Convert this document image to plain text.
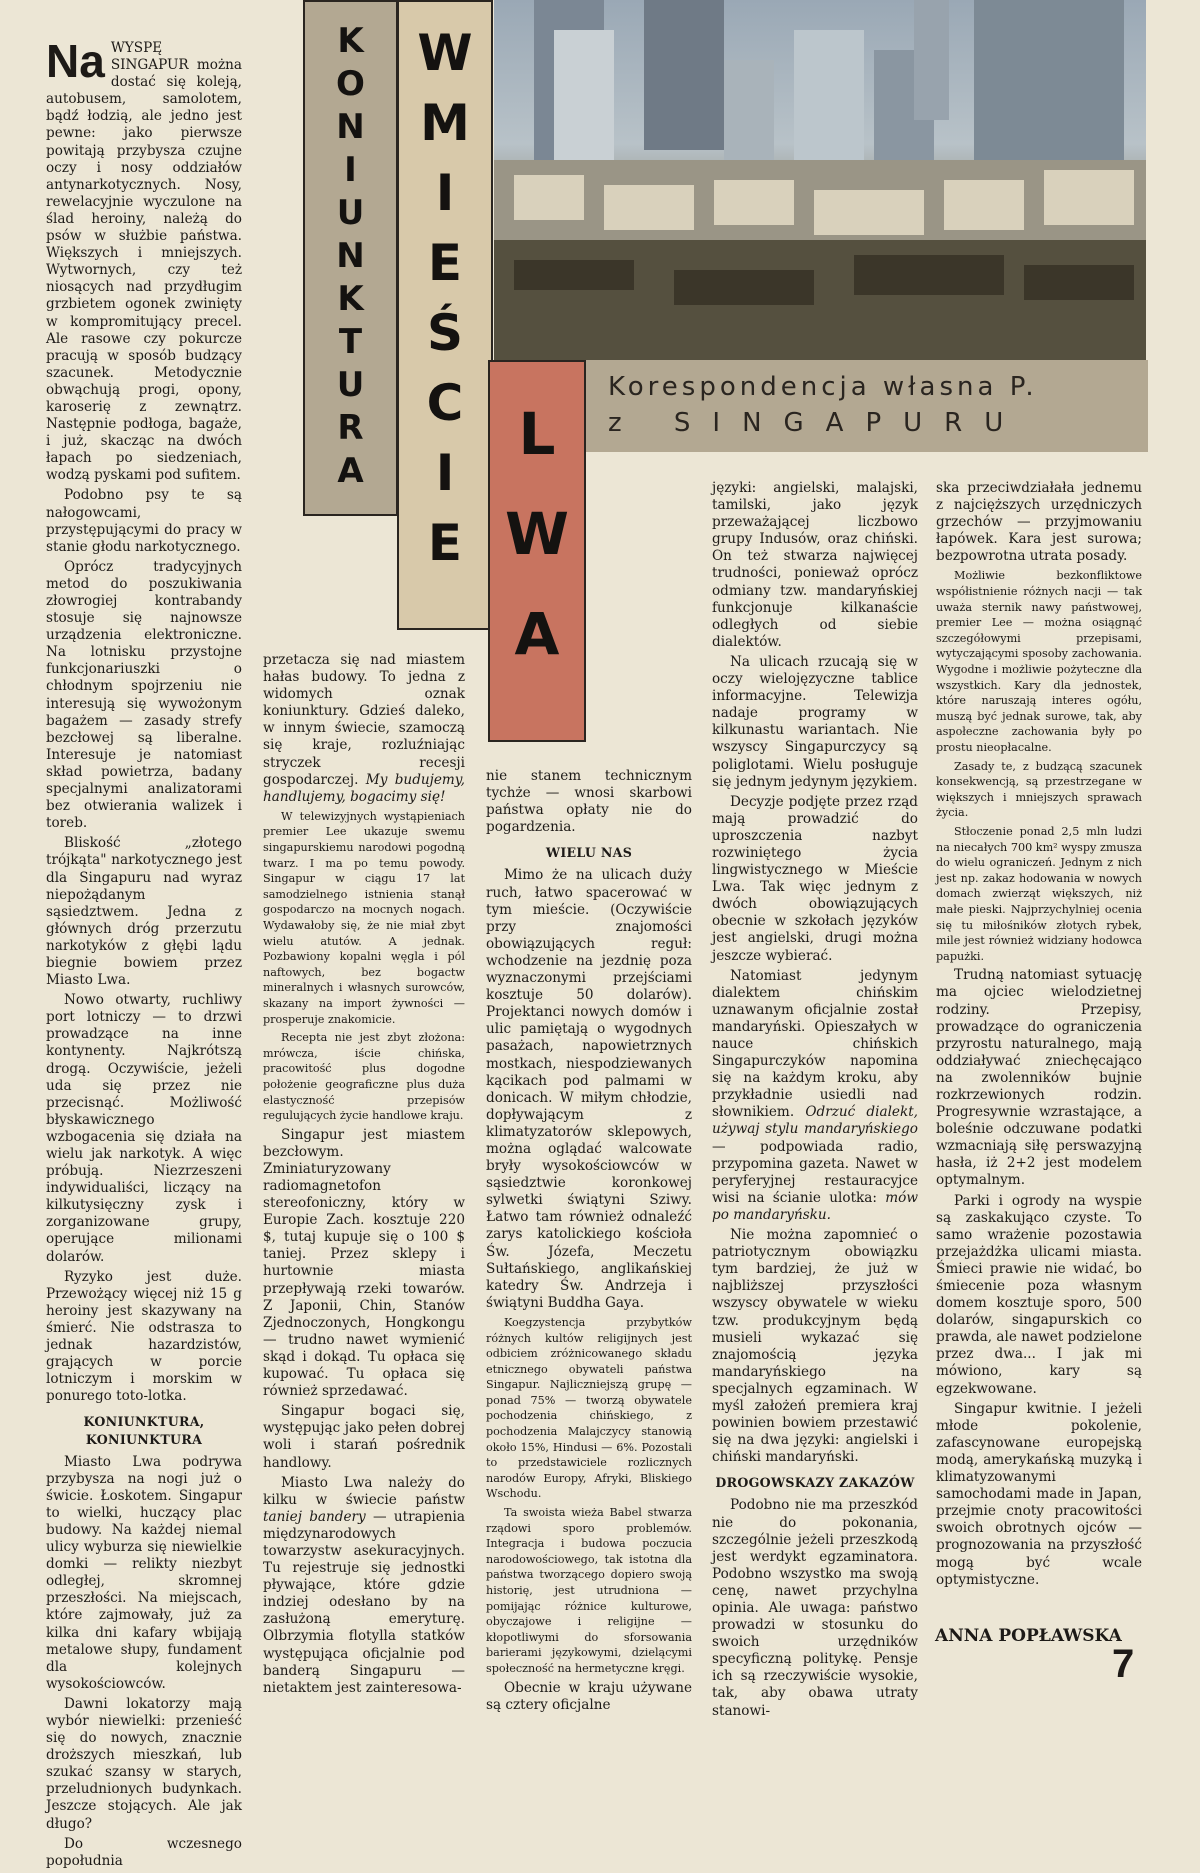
K
O
N
I
U
N
K
T
U
R
A
W
M
I
E
Ś
C
I
E
L
W
A
Korespondencja własna P.
z SINGAPURU

Na WYSPĘ SINGAPUR można dostać się koleją, autobusem, samolotem, bądź łodzią, ale jedno jest pewne: jako pierwsze powitają przybysza czujne oczy i nosy oddziałów antynarkotycznych. Nosy, rewelacyjnie wyczulone na ślad heroiny, należą do psów w służbie państwa. Większych i mniejszych. Wytwornych, czy też niosących nad przydługim grzbietem ogonek zwinięty w kompromitujący precel. Ale rasowe czy pokurcze pracują w sposób budzący szacunek. Metodycznie obwąchują progi, opony, karoserię z zewnątrz. Następnie podłoga, bagaże, i już, skacząc na dwóch łapach po siedzeniach, wodzą pyskami pod sufitem.

Podobno psy te są nałogowcami, przystępującymi do pracy w stanie głodu narkotycznego.

Oprócz tradycyjnych metod do poszukiwania złowrogiej kontrabandy stosuje się najnowsze urządzenia elektroniczne. Na lotnisku przystojne funkcjonariuszki o chłodnym spojrzeniu nie interesują się wywożonym bagażem — zasady strefy bezcłowej są liberalne. Interesuje je natomiast skład powietrza, badany specjalnymi analizatorami bez otwierania walizek i toreb.

Bliskość „złotego trójkąta" narkotycznego jest dla Singapuru nad wyraz niepożądanym sąsiedztwem. Jedna z głównych dróg przerzutu narkotyków z głębi lądu biegnie bowiem przez Miasto Lwa.

Nowo otwarty, ruchliwy port lotniczy — to drzwi prowadzące na inne kontynenty. Najkrótszą drogą. Oczywiście, jeżeli uda się przez nie przecisnąć. Możliwość błyskawicznego wzbogacenia się działa na wielu jak narkotyk. A więc próbują. Niezrzeszeni indywidualiści, liczący na kilkutysięczny zysk i zorganizowane grupy, operujące milionami dolarów.

Ryzyko jest duże. Przewożący więcej niż 15 g heroiny jest skazywany na śmierć. Nie odstrasza to jednak hazardzistów, grających w porcie lotniczym i morskim w ponurego toto-lotka.

KONIUNKTURA, KONIUNKTURA

Miasto Lwa podrywa przybysza na nogi już o świcie. Łoskotem. Singapur to wielki, huczący plac budowy. Na każdej niemal ulicy wyburza się niewielkie domki — relikty niezbyt odległej, skromnej przeszłości. Na miejscach, które zajmowały, już za kilka dni kafary wbijają metalowe słupy, fundament dla kolejnych wysokościowców.

Dawni lokatorzy mają wybór niewielki: przenieść się do nowych, znacznie droższych mieszkań, lub szukać szansy w starych, przeludnionych budynkach. Jeszcze stojących. Ale jak długo?

Do wczesnego popołudnia

przetacza się nad miastem hałas budowy. To jedna z widomych oznak koniunktury. Gdzieś daleko, w innym świecie, szamoczą się kraje, rozluźniając stryczek recesji gospodarczej. My budujemy, handlujemy, bogacimy się!

W telewizyjnych wystąpieniach premier Lee ukazuje swemu singapurskiemu narodowi pogodną twarz. I ma po temu powody. Singapur w ciągu 17 lat samodzielnego istnienia stanął gospodarczo na mocnych nogach. Wydawałoby się, że nie miał zbyt wielu atutów. A jednak. Pozbawiony kopalni węgla i pól naftowych, bez bogactw mineralnych i własnych surowców, skazany na import żywności — prosperuje znakomicie.

Recepta nie jest zbyt złożona: mrówcza, iście chińska, pracowitość plus dogodne położenie geograficzne plus duża elastyczność przepisów regulujących życie handlowe kraju.

Singapur jest miastem bezcłowym. Zminiaturyzowany radiomagnetofon stereofoniczny, który w Europie Zach. kosztuje 220 $, tutaj kupuje się o 100 $ taniej. Przez sklepy i hurtownie miasta przepływają rzeki towarów. Z Japonii, Chin, Stanów Zjednoczonych, Hongkongu — trudno nawet wymienić skąd i dokąd. Tu opłaca się kupować. Tu opłaca się również sprzedawać.

Singapur bogaci się, występując jako pełen dobrej woli i starań pośrednik handlowy.

Miasto Lwa należy do kilku w świecie państw taniej bandery — utrapienia międzynarodowych towarzystw asekuracyjnych. Tu rejestruje się jednostki pływające, które gdzie indziej odesłano by na zasłużoną emeryturę. Olbrzymia flotylla statków występująca oficjalnie pod banderą Singapuru — nietaktem jest zainteresowa-

nie stanem technicznym tychże — wnosi skarbowi państwa opłaty nie do pogardzenia.

WIELU NAS

Mimo że na ulicach duży ruch, łatwo spacerować w tym mieście. (Oczywiście przy znajomości obowiązujących reguł: wchodzenie na jezdnię poza wyznaczonymi przejściami kosztuje 50 dolarów). Projektanci nowych domów i ulic pamiętają o wygodnych pasażach, napowietrznych mostkach, niespodziewanych kącikach pod palmami w donicach. W miłym chłodzie, dopływającym z klimatyzatorów sklepowych, można oglądać walcowate bryły wysokościowców w sąsiedztwie koronkowej sylwetki świątyni Sziwy. Łatwo tam również odnaleźć zarys katolickiego kościoła Św. Józefa, Meczetu Sułtańskiego, anglikańskiej katedry Św. Andrzeja i świątyni Buddha Gaya.

Koegzystencja przybytków różnych kultów religijnych jest odbiciem zróżnicowanego składu etnicznego obywateli państwa Singapur. Najliczniejszą grupę — ponad 75% — tworzą obywatele pochodzenia chińskiego, z pochodzenia Malajczycy stanowią około 15%, Hindusi — 6%. Pozostali to przedstawiciele rozlicznych narodów Europy, Afryki, Bliskiego Wschodu.

Ta swoista wieża Babel stwarza rządowi sporo problemów. Integracja i budowa poczucia narodowościowego, tak istotna dla państwa tworzącego dopiero swoją historię, jest utrudniona — pomijając różnice kulturowe, obyczajowe i religijne — kłopotliwymi do sforsowania barierami językowymi, dzielącymi społeczność na hermetyczne kręgi.

Obecnie w kraju używane są cztery oficjalne

języki: angielski, malajski, tamilski, jako język przeważającej liczbowo grupy Indusów, oraz chiński. On też stwarza najwięcej trudności, ponieważ oprócz odmiany tzw. mandaryńskiej funkcjonuje kilkanaście odległych od siebie dialektów.

Na ulicach rzucają się w oczy wielojęzyczne tablice informacyjne. Telewizja nadaje programy w kilkunastu wariantach. Nie wszyscy Singapurczycy są poliglotami. Wielu posługuje się jednym jedynym językiem.

Decyzje podjęte przez rząd mają prowadzić do uproszczenia nazbyt rozwiniętego życia lingwistycznego w Mieście Lwa. Tak więc jednym z dwóch obowiązujących obecnie w szkołach języków jest angielski, drugi można jeszcze wybierać.

Natomiast jedynym dialektem chińskim uznawanym oficjalnie został mandaryński. Opieszałych w nauce chińskich Singapurczyków napomina się na każdym kroku, aby przykładnie usiedli nad słownikiem. Odrzuć dialekt, używaj stylu mandaryńskiego — podpowiada radio, przypomina gazeta. Nawet w peryferyjnej restauracyjce wisi na ścianie ulotka: mów po mandaryńsku.

Nie można zapomnieć o patriotycznym obowiązku tym bardziej, że już w najbliższej przyszłości wszyscy obywatele w wieku tzw. produkcyjnym będą musieli wykazać się znajomością języka mandaryńskiego na specjalnych egzaminach. W myśl założeń premiera kraj powinien bowiem przestawić się na dwa języki: angielski i chiński mandaryński.

DROGOWSKAZY ZAKAZÓW

Podobno nie ma przeszkód nie do pokonania, szczególnie jeżeli przeszkodą jest werdykt egzaminatora. Podobno wszystko ma swoją cenę, nawet przychylna opinia. Ale uwaga: państwo prowadzi w stosunku do swoich urzędników specyficzną politykę. Pensje ich są rzeczywiście wysokie, tak, aby obawa utraty stanowi-

ska przeciwdziałała jednemu z najcięższych urzędniczych grzechów — przyjmowaniu łapówek. Kara jest surowa; bezpowrotna utrata posady.

Możliwie bezkonfliktowe współistnienie różnych nacji — tak uważa sternik nawy państwowej, premier Lee — można osiągnąć szczegółowymi przepisami, wytyczającymi sposoby zachowania. Wygodne i możliwie pożyteczne dla wszystkich. Kary dla jednostek, które naruszają interes ogółu, muszą być jednak surowe, tak, aby aspołeczne zachowania były po prostu nieopłacalne.

Zasady te, z budzącą szacunek konsekwencją, są przestrzegane w większych i mniejszych sprawach życia.

Stłoczenie ponad 2,5 mln ludzi na niecałych 700 km² wyspy zmusza do wielu ograniczeń. Jednym z nich jest np. zakaz hodowania w nowych domach zwierząt większych, niż małe pieski. Najprzychylniej ocenia się tu miłośników złotych rybek, mile jest również widziany hodowca papużki.

Trudną natomiast sytuację ma ojciec wielodzietnej rodziny. Przepisy, prowadzące do ograniczenia przyrostu naturalnego, mają oddziaływać zniechęcająco na zwolenników bujnie rozkrzewionych rodzin. Progresywnie wzrastające, a boleśnie odczuwane podatki wzmacniają siłę perswazyjną hasła, iż 2+2 jest modelem optymalnym.

Parki i ogrody na wyspie są zaskakująco czyste. To samo wrażenie pozostawia przejażdżka ulicami miasta. Śmieci prawie nie widać, bo śmiecenie poza własnym domem kosztuje sporo, 500 dolarów, singapurskich co prawda, ale nawet podzielone przez dwa... I jak mi mówiono, kary są egzekwowane.

Singapur kwitnie. I jeżeli młode pokolenie, zafascynowane europejską modą, amerykańską muzyką i klimatyzowanymi samochodami made in Japan, przejmie cnoty pracowitości swoich obrotnych ojców — prognozowania na przyszłość mogą być wcale optymistyczne.

ANNA POPŁAWSKA
7
